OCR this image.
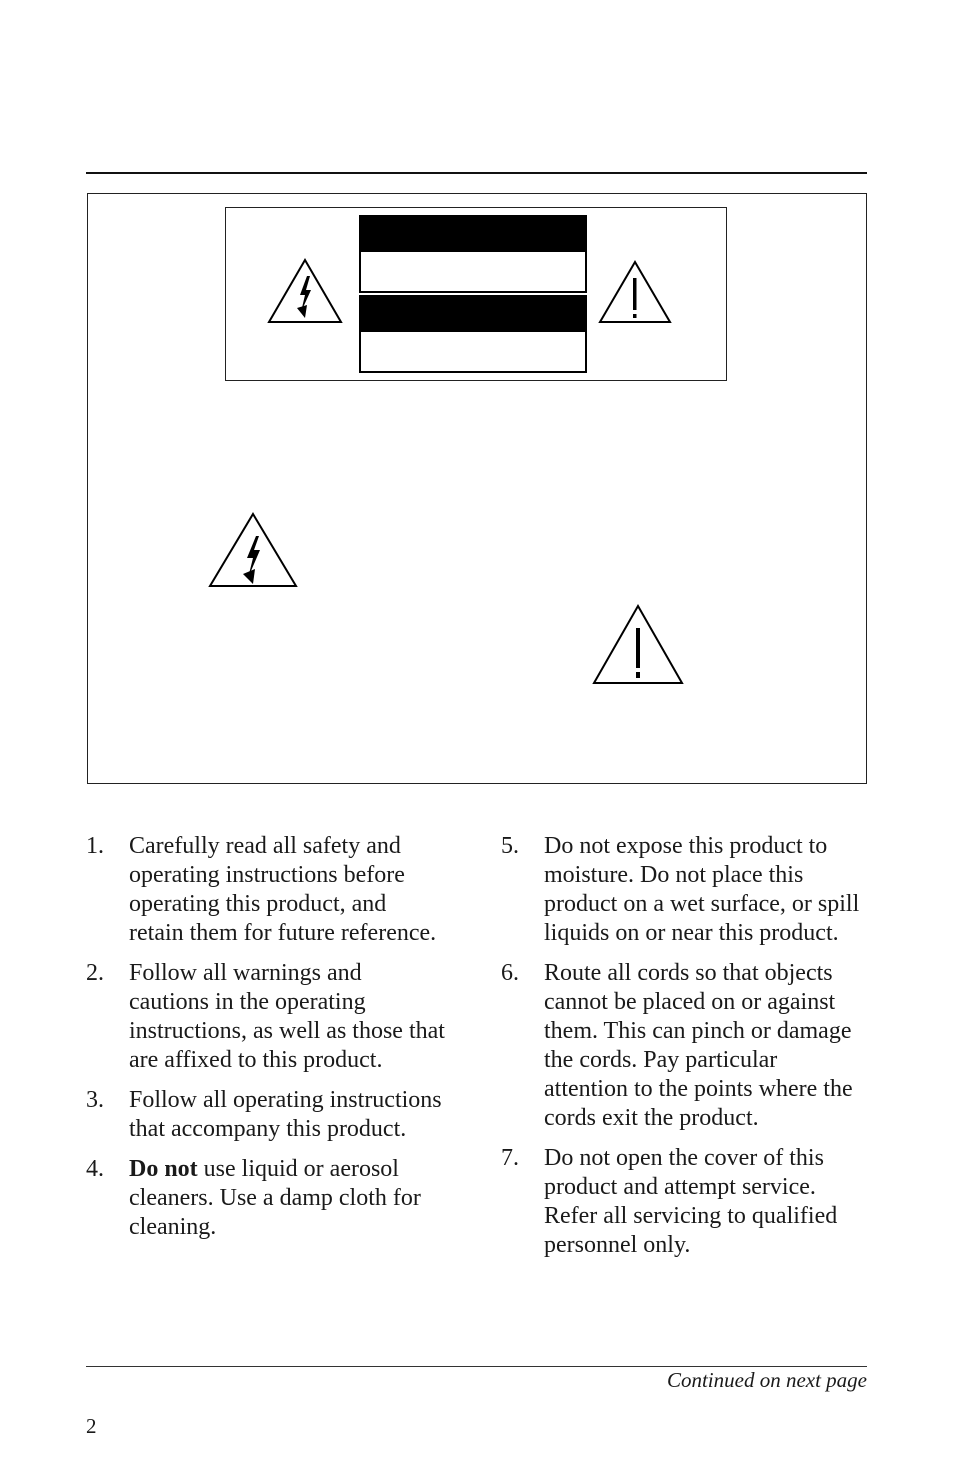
1.	Carefully read all safety and operating instructions before operating this product, and retain them for future reference.
2.	Follow all warnings and cautions in the operating instructions, as well as those that are affixed to this product.
3.	Follow all operating instructions that accompany this product.
4.	Do not use liquid or aerosol cleaners. Use a damp cloth for cleaning.
5.	Do not expose this product to moisture. Do not place this product on a wet surface, or spill liquids on or near this product.
6.	Route all cords so that objects cannot be placed on or against them. This can pinch or damage the cords. Pay particular attention to the points where the cords exit the product.
7.	Do not open the cover of this product and attempt service. Refer all servicing to qualified personnel only.
Continued on next page
2
